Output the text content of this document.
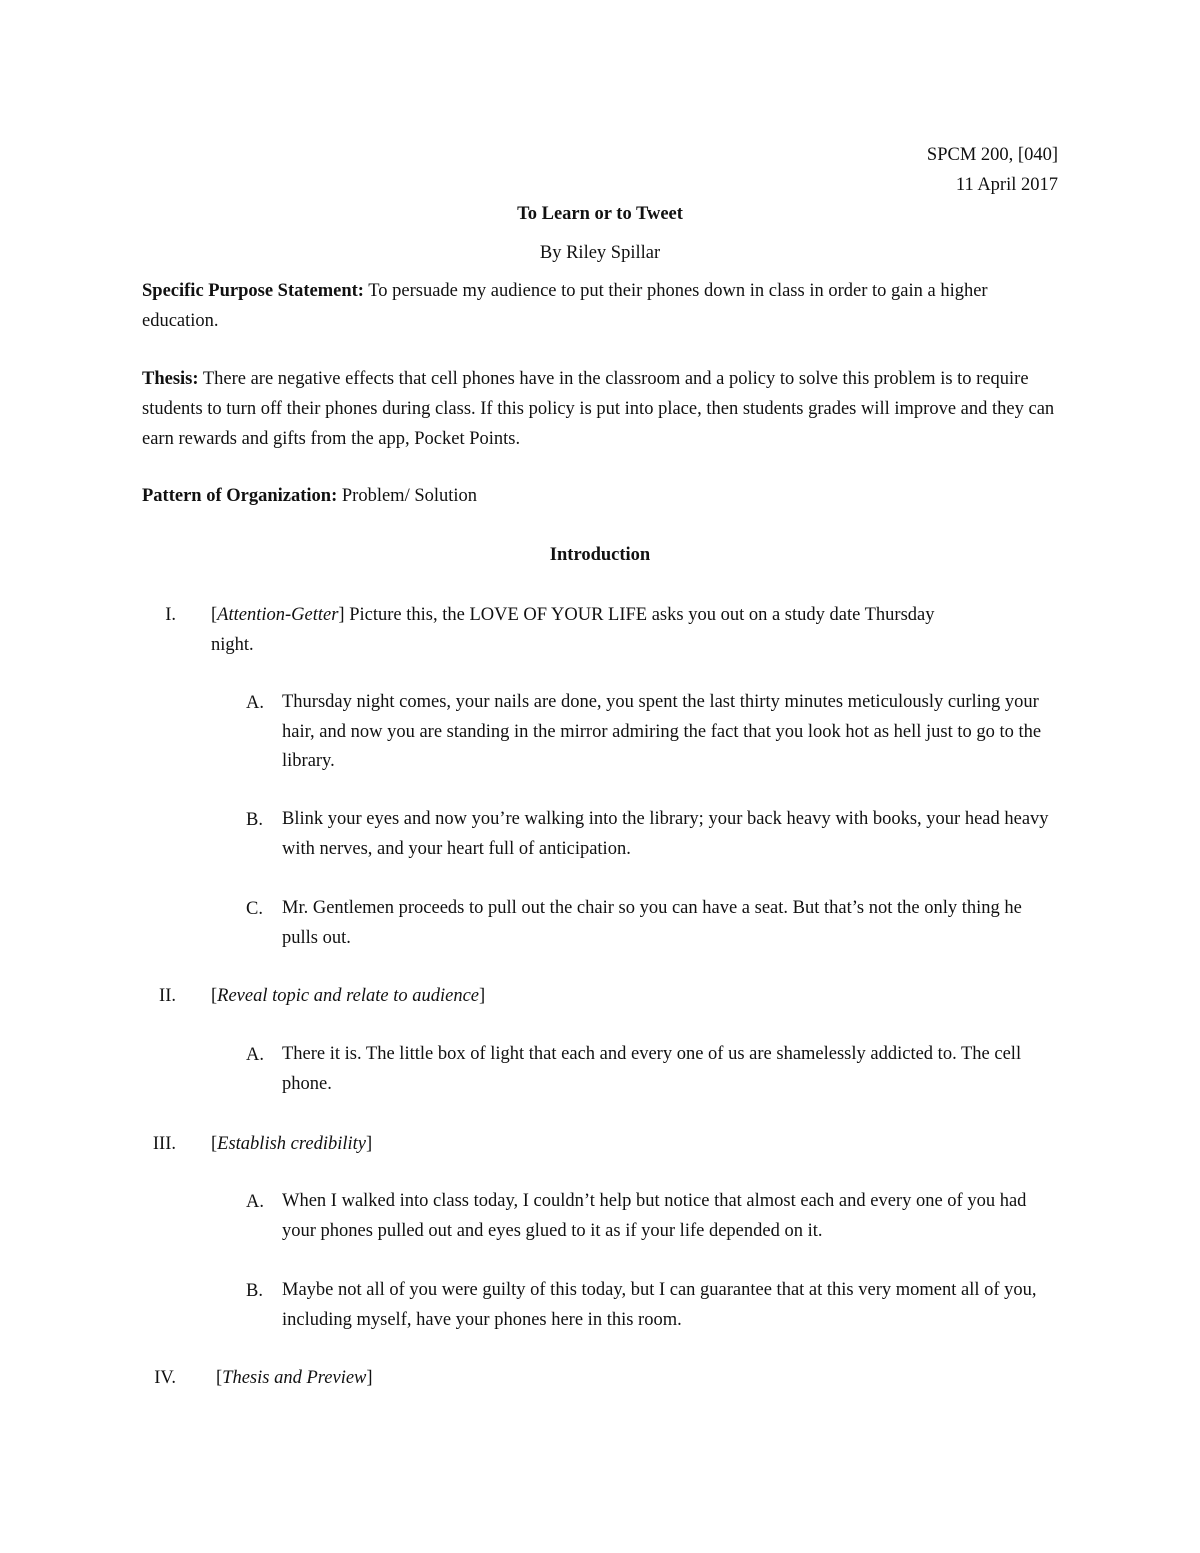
SPCM 200, [040]
11 April 2017
To Learn or to Tweet
By Riley Spillar
Specific Purpose Statement: To persuade my audience to put their phones down in class in order to gain a higher education.
Thesis: There are negative effects that cell phones have in the classroom and a policy to solve this problem is to require students to turn off their phones during class. If this policy is put into place, then students grades will improve and they can earn rewards and gifts from the app, Pocket Points.
Pattern of Organization: Problem/ Solution
Introduction
I. [Attention-Getter] Picture this, the LOVE OF YOUR LIFE asks you out on a study date Thursday
night.
A. Thursday night comes, your nails are done, you spent the last thirty minutes meticulously curling your hair, and now you are standing in the mirror admiring the fact that you look hot as hell just to go to the library.
B. Blink your eyes and now you’re walking into the library; your back heavy with books, your head heavy with nerves, and your heart full of anticipation.
C. Mr. Gentlemen proceeds to pull out the chair so you can have a seat. But that’s not the only thing he pulls out.
II. [Reveal topic and relate to audience]
A. There it is. The little box of light that each and every one of us are shamelessly addicted to. The cell phone.
III. [Establish credibility]
A. When I walked into class today, I couldn’t help but notice that almost each and every one of you had your phones pulled out and eyes glued to it as if your life depended on it.
B. Maybe not all of you were guilty of this today, but I can guarantee that at this very moment all of you, including myself, have your phones here in this room.
IV. [Thesis and Preview]
